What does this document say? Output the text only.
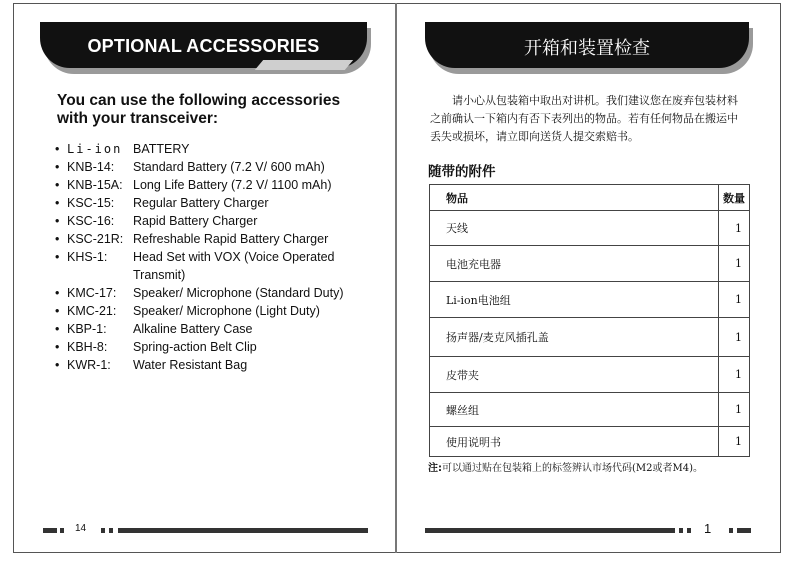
OPTIONAL ACCESSORIES
You can use the following accessories with your transceiver:
• Li-ion BATTERY
• KNB-14: Standard Battery (7.2 V/ 600 mAh)
• KNB-15A: Long Life Battery (7.2 V/ 1100 mAh)
• KSC-15: Regular Battery Charger
• KSC-16: Rapid Battery Charger
• KSC-21R: Refreshable Rapid Battery Charger
• KHS-1: Head Set with VOX (Voice Operated Transmit)
• KMC-17: Speaker/ Microphone (Standard Duty)
• KMC-21: Speaker/ Microphone (Light Duty)
• KBP-1: Alkaline Battery Case
• KBH-8: Spring-action Belt Clip
• KWR-1: Water Resistant Bag
14
开箱和装置检查
请小心从包装箱中取出对讲机。我们建议您在废弃包装材料之前确认一下箱内有否下表列出的物品。若有任何物品在搬运中丢失或损坏，请立即向送货人提交索赔书。
随带的附件
物品	数量
天线	1
电池充电器	1
Li-ion电池组	1
扬声器/麦克风插孔盖	1
皮带夹	1
螺丝组	1
使用说明书	1
注:可以通过贴在包装箱上的标签辨认市场代码(M2或者M4)。
1
